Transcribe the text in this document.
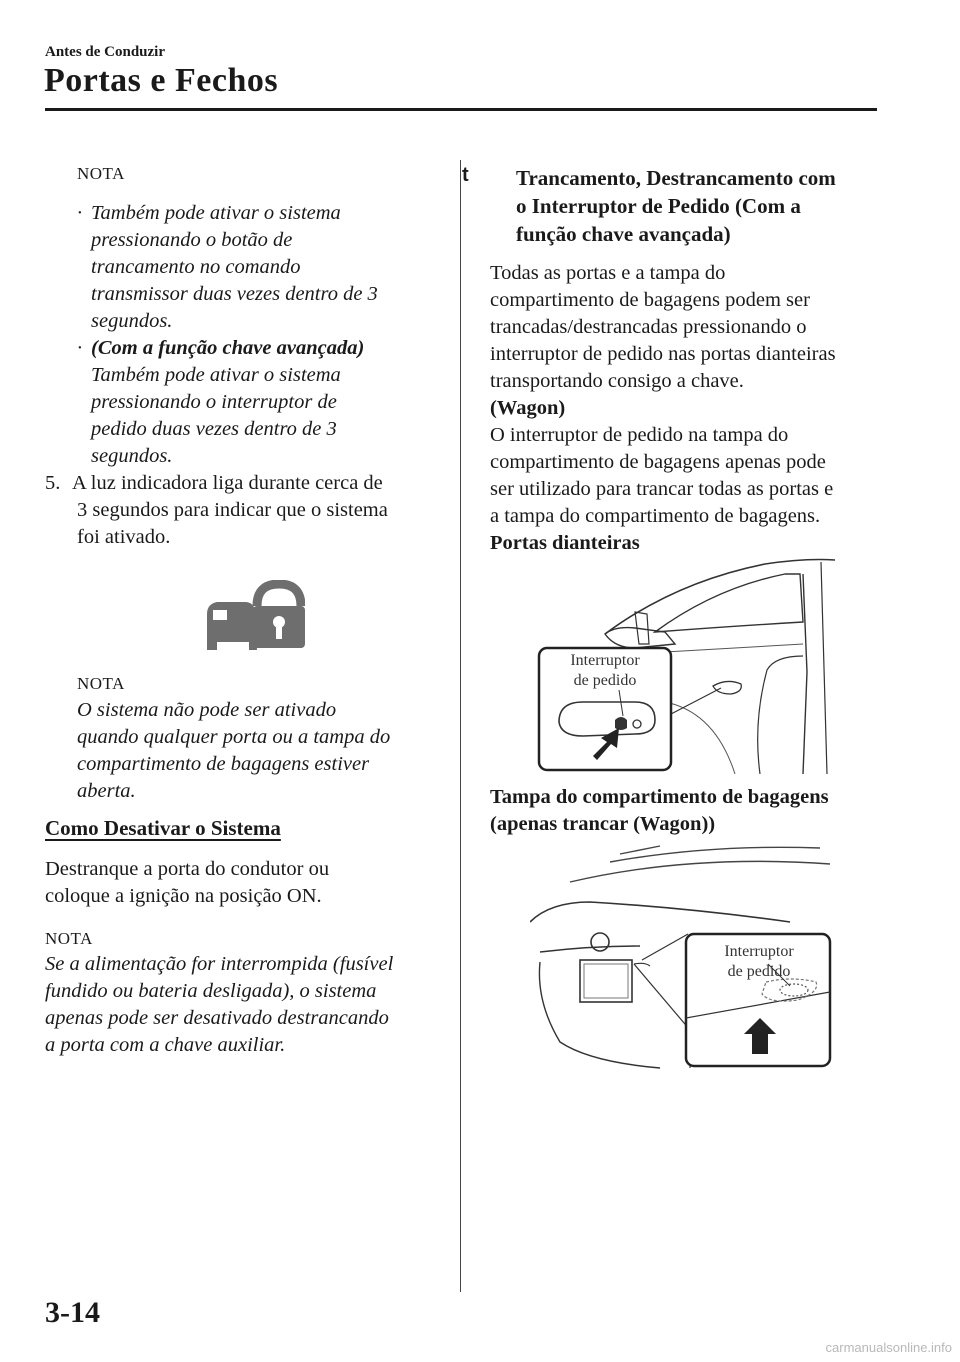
Antes de Conduzir
Portas e Fechos
NOTA
· Também pode ativar o sistema
pressionando o botão de
trancamento no comando
transmissor duas vezes dentro de 3
segundos.
· (Com a função chave avançada)
Também pode ativar o sistema
pressionando o interruptor de
pedido duas vezes dentro de 3
segundos.
5. A luz indicadora liga durante cerca de
3 segundos para indicar que o sistema
foi ativado.
NOTA
O sistema não pode ser ativado
quando qualquer porta ou a tampa do
compartimento de bagagens estiver
aberta.
Como Desativar o Sistema
Destranque a porta do condutor ou
coloque a ignição na posição ON.
NOTA
Se a alimentação for interrompida (fusível
fundido ou bateria desligada), o sistema
apenas pode ser desativado destrancando
a porta com a chave auxiliar.
t Trancamento, Destrancamento com
o Interruptor de Pedido (Com a
função chave avançada)
Todas as portas e a tampa do
compartimento de bagagens podem ser
trancadas/destrancadas pressionando o
interruptor de pedido nas portas dianteiras
transportando consigo a chave.
(Wagon)
O interruptor de pedido na tampa do
compartimento de bagagens apenas pode
ser utilizado para trancar todas as portas e
a tampa do compartimento de bagagens.
Portas dianteiras
Interruptor
de pedido
Tampa do compartimento de bagagens
(apenas trancar (Wagon))
Interruptor
de pedido
3-14
carmanualsonline.info
